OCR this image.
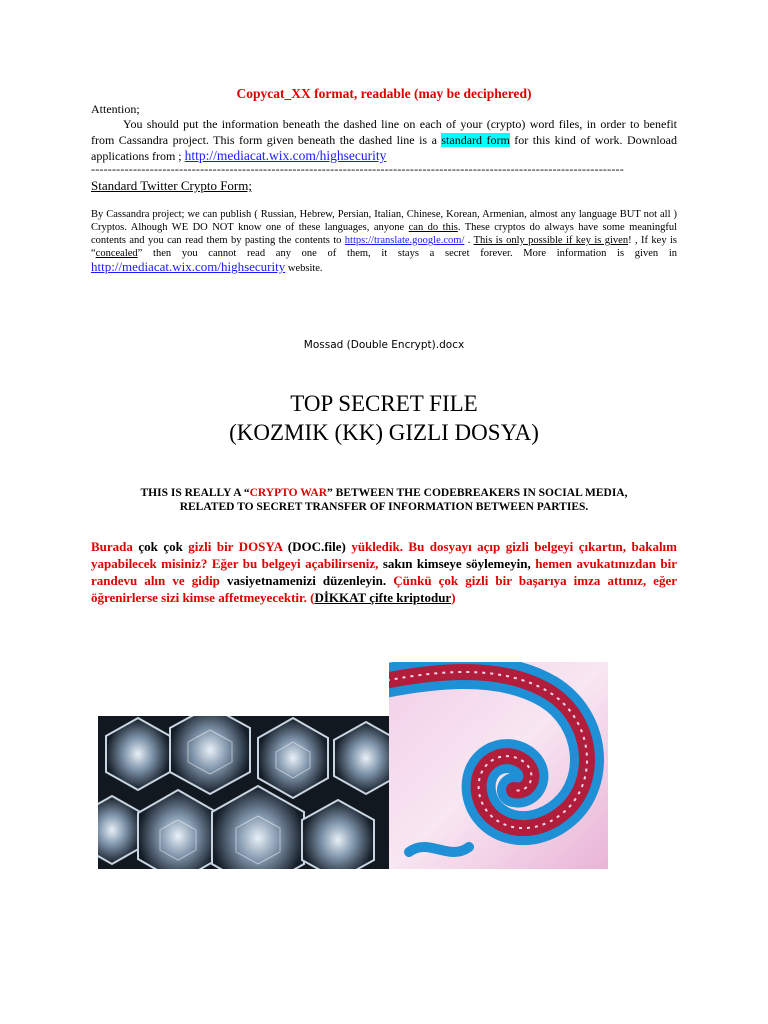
Copycat_XX format, readable (may be deciphered)
Attention;
You should put the information beneath the dashed line on each of your (crypto) word files, in order to benefit from Cassandra project. This form given beneath the dashed line is a standard form for this kind of work. Download applications from ; http://mediacat.wix.com/highsecurity
-------------------------------------------------------------------------------------------------------------------------------
Standard Twitter Crypto Form;
By Cassandra project; we can publish ( Russian, Hebrew, Persian, Italian, Chinese, Korean, Armenian, almost any language BUT not all ) Cryptos. Alhough WE DO NOT know one of these languages, anyone can do this. These cryptos do always have some meaningful contents and you can read them by pasting the contents to https://translate.google.com/ . This is only possible if key is given! , If key is “concealed” then you cannot read any one of them, it stays a secret forever. More information is given in http://mediacat.wix.com/highsecurity website.
Mossad (Double Encrypt).docx
TOP SECRET FILE
(KOZMIK (KK) GIZLI DOSYA)
THIS IS REALLY A “CRYPTO WAR” BETWEEN THE CODEBREAKERS IN SOCIAL MEDIA, RELATED TO SECRET TRANSFER OF INFORMATION BETWEEN PARTIES.
Burada çok çok gizli bir DOSYA (DOC.file) yükledik. Bu dosyayı açıp gizli belgeyi çıkartın, bakalım yapabilecek misiniz? Eğer bu belgeyi açabilirseniz, sakın kimseye söylemeyin, hemen avukatınızdan bir randevu alın ve gidip vasiyetnamenizi düzenleyin. Çünkü çok gizli bir başarıya imza attınız, eğer öğrenirlerse sizi kimse affetmeyecektir. (DİKKAT çifte kriptodur)
